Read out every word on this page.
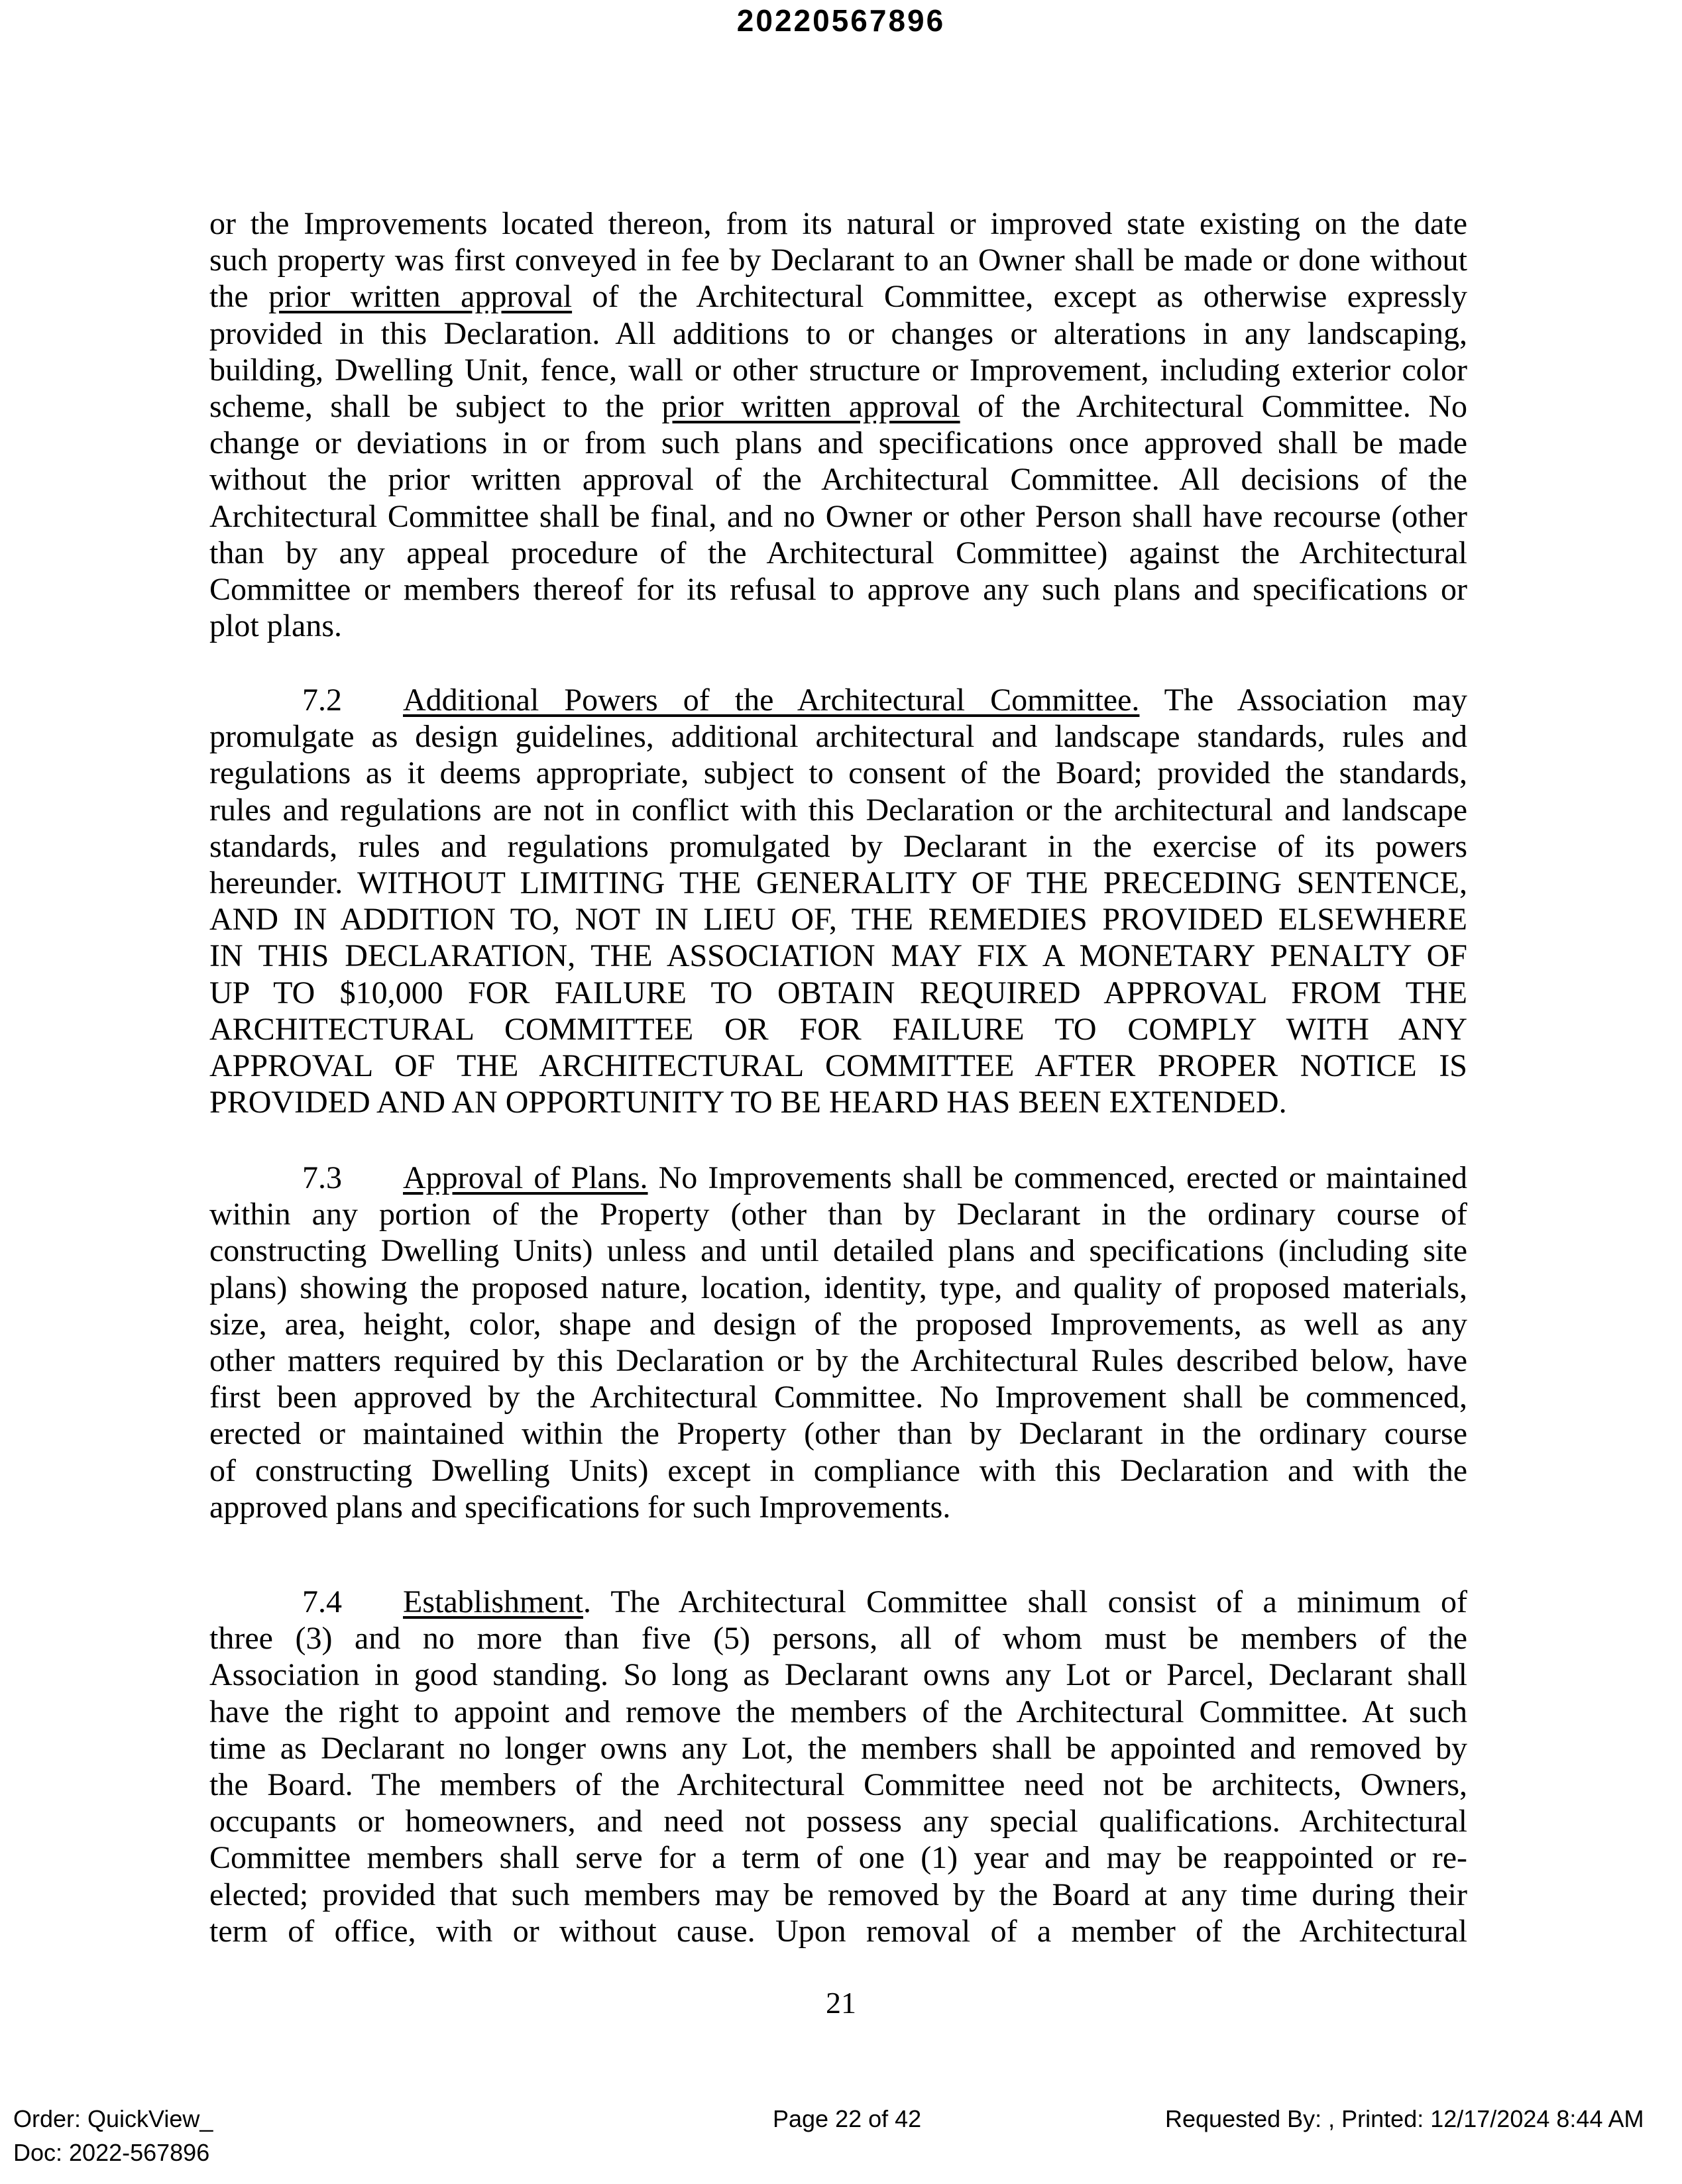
20220567896
or the Improvements located thereon, from its natural or improved state existing on the date
such property was first conveyed in fee by Declarant to an Owner shall be made or done without
the prior written approval of the Architectural Committee, except as otherwise expressly
provided in this Declaration. All additions to or changes or alterations in any landscaping,
building, Dwelling Unit, fence, wall or other structure or Improvement, including exterior color
scheme, shall be subject to the prior written approval of the Architectural Committee. No
change or deviations in or from such plans and specifications once approved shall be made
without the prior written approval of the Architectural Committee. All decisions of the
Architectural Committee shall be final, and no Owner or other Person shall have recourse (other
than by any appeal procedure of the Architectural Committee) against the Architectural
Committee or members thereof for its refusal to approve any such plans and specifications or
plot plans.
7.2 Additional Powers of the Architectural Committee. The Association may
promulgate as design guidelines, additional architectural and landscape standards, rules and
regulations as it deems appropriate, subject to consent of the Board; provided the standards,
rules and regulations are not in conflict with this Declaration or the architectural and landscape
standards, rules and regulations promulgated by Declarant in the exercise of its powers
hereunder. WITHOUT LIMITING THE GENERALITY OF THE PRECEDING SENTENCE,
AND IN ADDITION TO, NOT IN LIEU OF, THE REMEDIES PROVIDED ELSEWHERE
IN THIS DECLARATION, THE ASSOCIATION MAY FIX A MONETARY PENALTY OF
UP TO $10,000 FOR FAILURE TO OBTAIN REQUIRED APPROVAL FROM THE
ARCHITECTURAL COMMITTEE OR FOR FAILURE TO COMPLY WITH ANY
APPROVAL OF THE ARCHITECTURAL COMMITTEE AFTER PROPER NOTICE IS
PROVIDED AND AN OPPORTUNITY TO BE HEARD HAS BEEN EXTENDED.
7.3 Approval of Plans. No Improvements shall be commenced, erected or maintained
within any portion of the Property (other than by Declarant in the ordinary course of
constructing Dwelling Units) unless and until detailed plans and specifications (including site
plans) showing the proposed nature, location, identity, type, and quality of proposed materials,
size, area, height, color, shape and design of the proposed Improvements, as well as any
other matters required by this Declaration or by the Architectural Rules described below, have
first been approved by the Architectural Committee. No Improvement shall be commenced,
erected or maintained within the Property (other than by Declarant in the ordinary course
of constructing Dwelling Units) except in compliance with this Declaration and with the
approved plans and specifications for such Improvements.
7.4 Establishment. The Architectural Committee shall consist of a minimum of
three (3) and no more than five (5) persons, all of whom must be members of the
Association in good standing. So long as Declarant owns any Lot or Parcel, Declarant shall
have the right to appoint and remove the members of the Architectural Committee. At such
time as Declarant no longer owns any Lot, the members shall be appointed and removed by
the Board. The members of the Architectural Committee need not be architects, Owners,
occupants or homeowners, and need not possess any special qualifications. Architectural
Committee members shall serve for a term of one (1) year and may be reappointed or re-
elected; provided that such members may be removed by the Board at any time during their
term of office, with or without cause. Upon removal of a member of the Architectural
21
Order: QuickView_
Doc: 2022-567896
Page 22 of 42	Requested By: , Printed: 12/17/2024 8:44 AM
